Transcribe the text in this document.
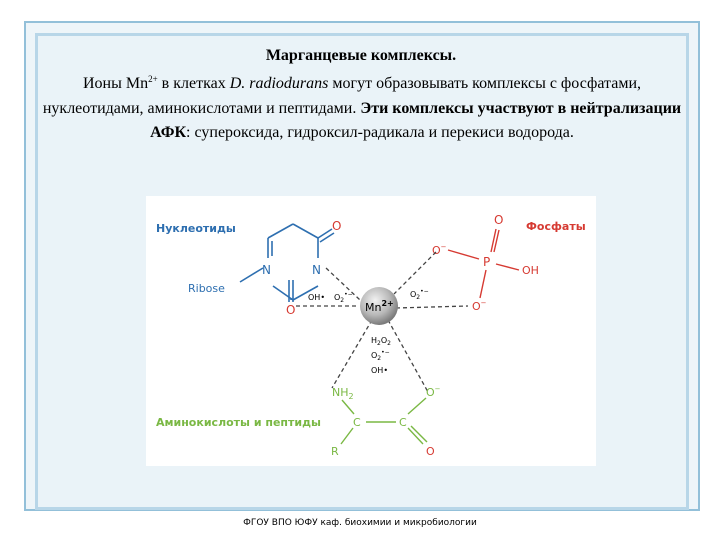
Марганцевые комплексы.
Ионы $Mn^{2+}$ в клетках D. radiodurans могут образовывать комплексы с фосфатами, нуклеотидами, аминокислотами и пептидами. Эти комплексы участвуют в нейтрализации АФК: супероксида, гидроксил-радикала и перекиси водорода.
N	N
O
O
Ribose
Нуклеотиды	Фосфаты
O−
P
O
OH
O−
$Mn^{2+}$
OH• $O_2^{•-}$	$O_2^{•-}$
$H_2O_2$
$O_2^{•-}$
OH•
$NH_2$	O−
C	C
R	O
Аминокислоты и пептиды
ФГОУ ВПО ЮФУ каф. биохимии и микробиологии
